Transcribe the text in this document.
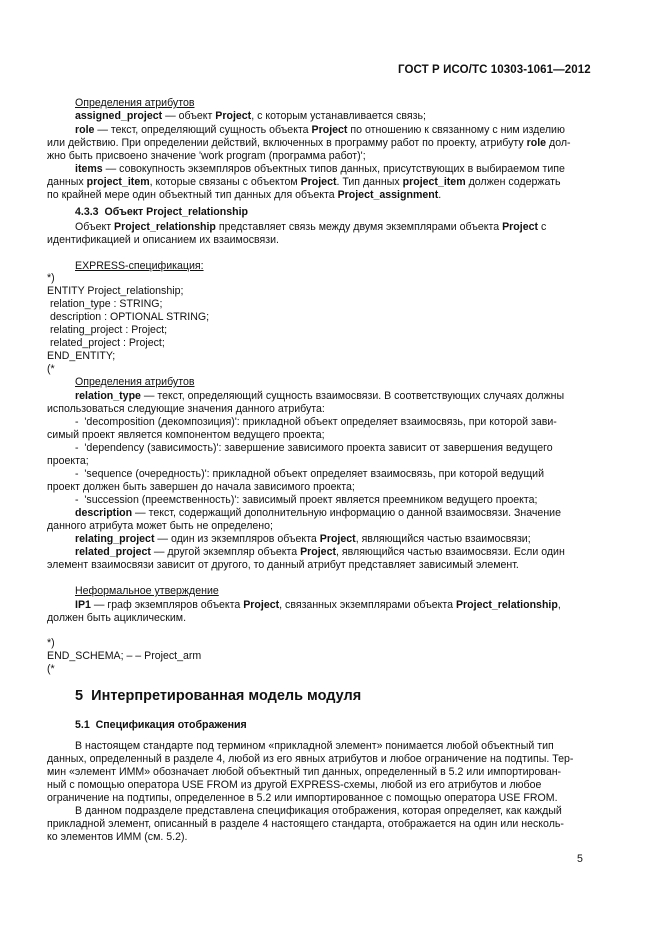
ГОСТ Р ИСО/ТС 10303-1061—2012
Определения атрибутов
assigned_project — объект Project, с которым устанавливается связь;
role — текст, определяющий сущность объекта Project по отношению к связанному с ним изделию
или действию. При определении действий, включенных в программу работ по проекту, атрибуту role дол-
жно быть присвоено значение 'work program (программа работ)';
items — совокупность экземпляров объектных типов данных, присутствующих в выбираемом типе
данных project_item, которые связаны с объектом Project. Тип данных project_item должен содержать
по крайней мере один объектный тип данных для объекта Project_assignment.
4.3.3 Объект Project_relationship
Объект Project_relationship представляет связь между двумя экземплярами объекта Project с
идентификацией и описанием их взаимосвязи.
EXPRESS-спецификация:
*)
ENTITY Project_relationship;
relation_type : STRING;
description : OPTIONAL STRING;
relating_project : Project;
related_project : Project;
END_ENTITY;
(*
Определения атрибутов
relation_type — текст, определяющий сущность взаимосвязи. В соответствующих случаях должны
использоваться следующие значения данного атрибута:
-  'decomposition (декомпозиция)': прикладной объект определяет взаимосвязь, при которой зави-
симый проект является компонентом ведущего проекта;
-  'dependency (зависимость)': завершение зависимого проекта зависит от завершения ведущего
проекта;
-  'sequence (очередность)': прикладной объект определяет взаимосвязь, при которой ведущий
проект должен быть завершен до начала зависимого проекта;
-  'succession (преемственность)': зависимый проект является преемником ведущего проекта;
description — текст, содержащий дополнительную информацию о данной взаимосвязи. Значение
данного атрибута может быть не определено;
relating_project — один из экземпляров объекта Project, являющийся частью взаимосвязи;
related_project — другой экземпляр объекта Project, являющийся частью взаимосвязи. Если один
элемент взаимосвязи зависит от другого, то данный атрибут представляет зависимый элемент.
Неформальное утверждение
IP1 — граф экземпляров объекта Project, связанных экземплярами объекта Project_relationship,
должен быть ациклическим.
*)
END_SCHEMA; – – Project_arm
(*
5 Интерпретированная модель модуля
5.1 Спецификация отображения
В настоящем стандарте под термином «прикладной элемент» понимается любой объектный тип
данных, определенный в разделе 4, любой из его явных атрибутов и любое ограничение на подтипы. Тер-
мин «элемент ИММ» обозначает любой объектный тип данных, определенный в 5.2 или импортирован-
ный с помощью оператора USE FROM из другой EXPRESS-схемы, любой из его атрибутов и любое
ограничение на подтипы, определенное в 5.2 или импортированное с помощью оператора USE FROM.
В данном подразделе представлена спецификация отображения, которая определяет, как каждый
прикладной элемент, описанный в разделе 4 настоящего стандарта, отображается на один или несколь-
ко элементов ИММ (см. 5.2).
5
